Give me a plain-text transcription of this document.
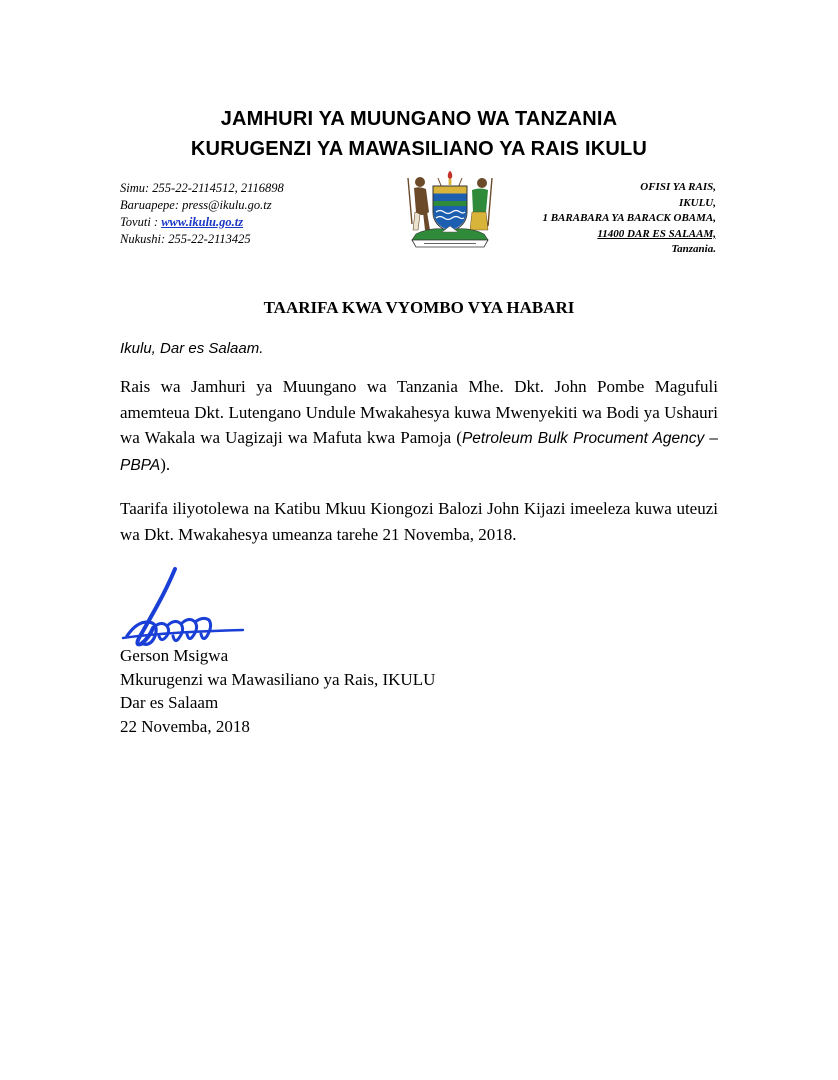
JAMHURI YA MUUNGANO WA TANZANIA
KURUGENZI YA MAWASILIANO YA RAIS IKULU
Simu: 255-22-2114512, 2116898
Baruapepe: press@ikulu.go.tz
Tovuti : www.ikulu.go.tz
Nukushi: 255-22-2113425
OFISI YA RAIS,
IKULU,
1 BARABARA YA BARACK OBAMA,
11400 DAR ES SALAAM,
Tanzania.
TAARIFA KWA VYOMBO VYA HABARI
Ikulu, Dar es Salaam.
Rais wa Jamhuri ya Muungano wa Tanzania Mhe. Dkt. John Pombe Magufuli amemteua Dkt. Lutengano Undule Mwakahesya kuwa Mwenyekiti wa Bodi ya Ushauri wa Wakala wa Uagizaji wa Mafuta kwa Pamoja (Petroleum Bulk Procument Agency – PBPA).
Taarifa iliyotolewa na Katibu Mkuu Kiongozi Balozi John Kijazi imeeleza kuwa uteuzi wa Dkt. Mwakahesya umeanza tarehe 21 Novemba, 2018.
Gerson Msigwa
Mkurugenzi wa Mawasiliano ya Rais, IKULU
Dar es Salaam
22 Novemba, 2018
